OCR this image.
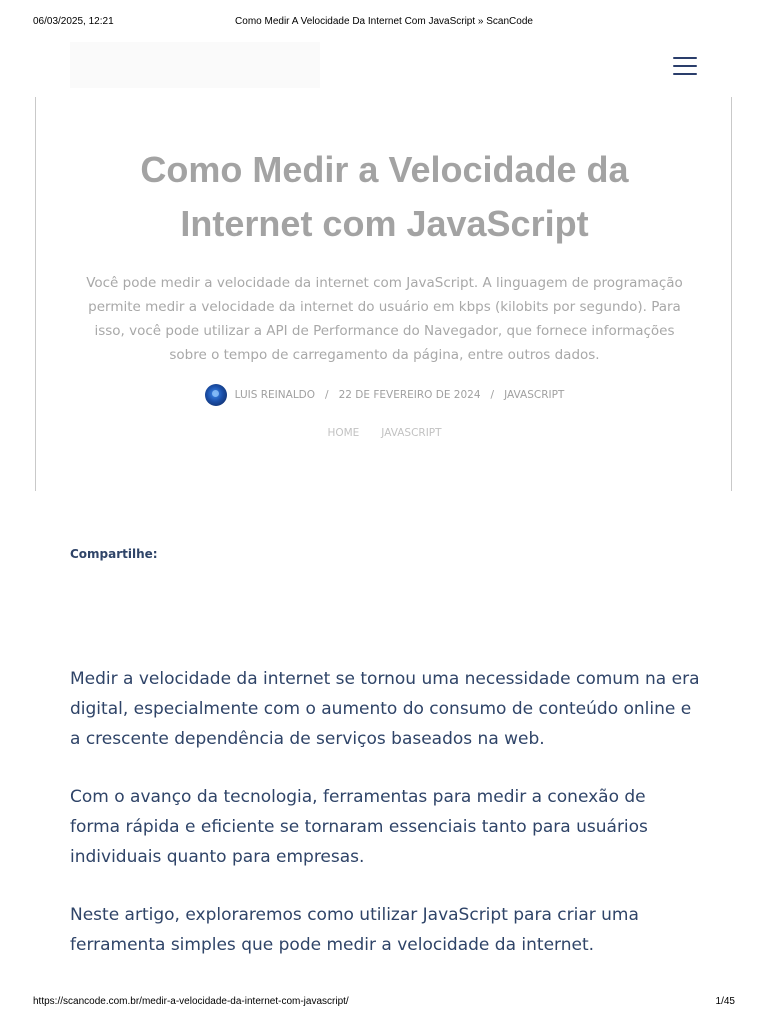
06/03/2025, 12:21	Como Medir A Velocidade Da Internet Com JavaScript » ScanCode
Como Medir a Velocidade da
Internet com JavaScript

Você pode medir a velocidade da internet com JavaScript. A linguagem de programação permite medir a velocidade da internet do usuário em kbps (kilobits por segundo). Para isso, você pode utilizar a API de Performance do Navegador, que fornece informações sobre o tempo de carregamento da página, entre outros dados.

LUIS REINALDO / 22 DE FEVEREIRO DE 2024 / JAVASCRIPT
HOME JAVASCRIPT
Compartilhe:

Medir a velocidade da internet se tornou uma necessidade comum na era digital, especialmente com o aumento do consumo de conteúdo online e a crescente dependência de serviços baseados na web.

Com o avanço da tecnologia, ferramentas para medir a conexão de forma rápida e eficiente se tornaram essenciais tanto para usuários individuais quanto para empresas.

Neste artigo, exploraremos como utilizar JavaScript para criar uma ferramenta simples que pode medir a velocidade da internet.

https://scancode.com.br/medir-a-velocidade-da-internet-com-javascript/	1/45
